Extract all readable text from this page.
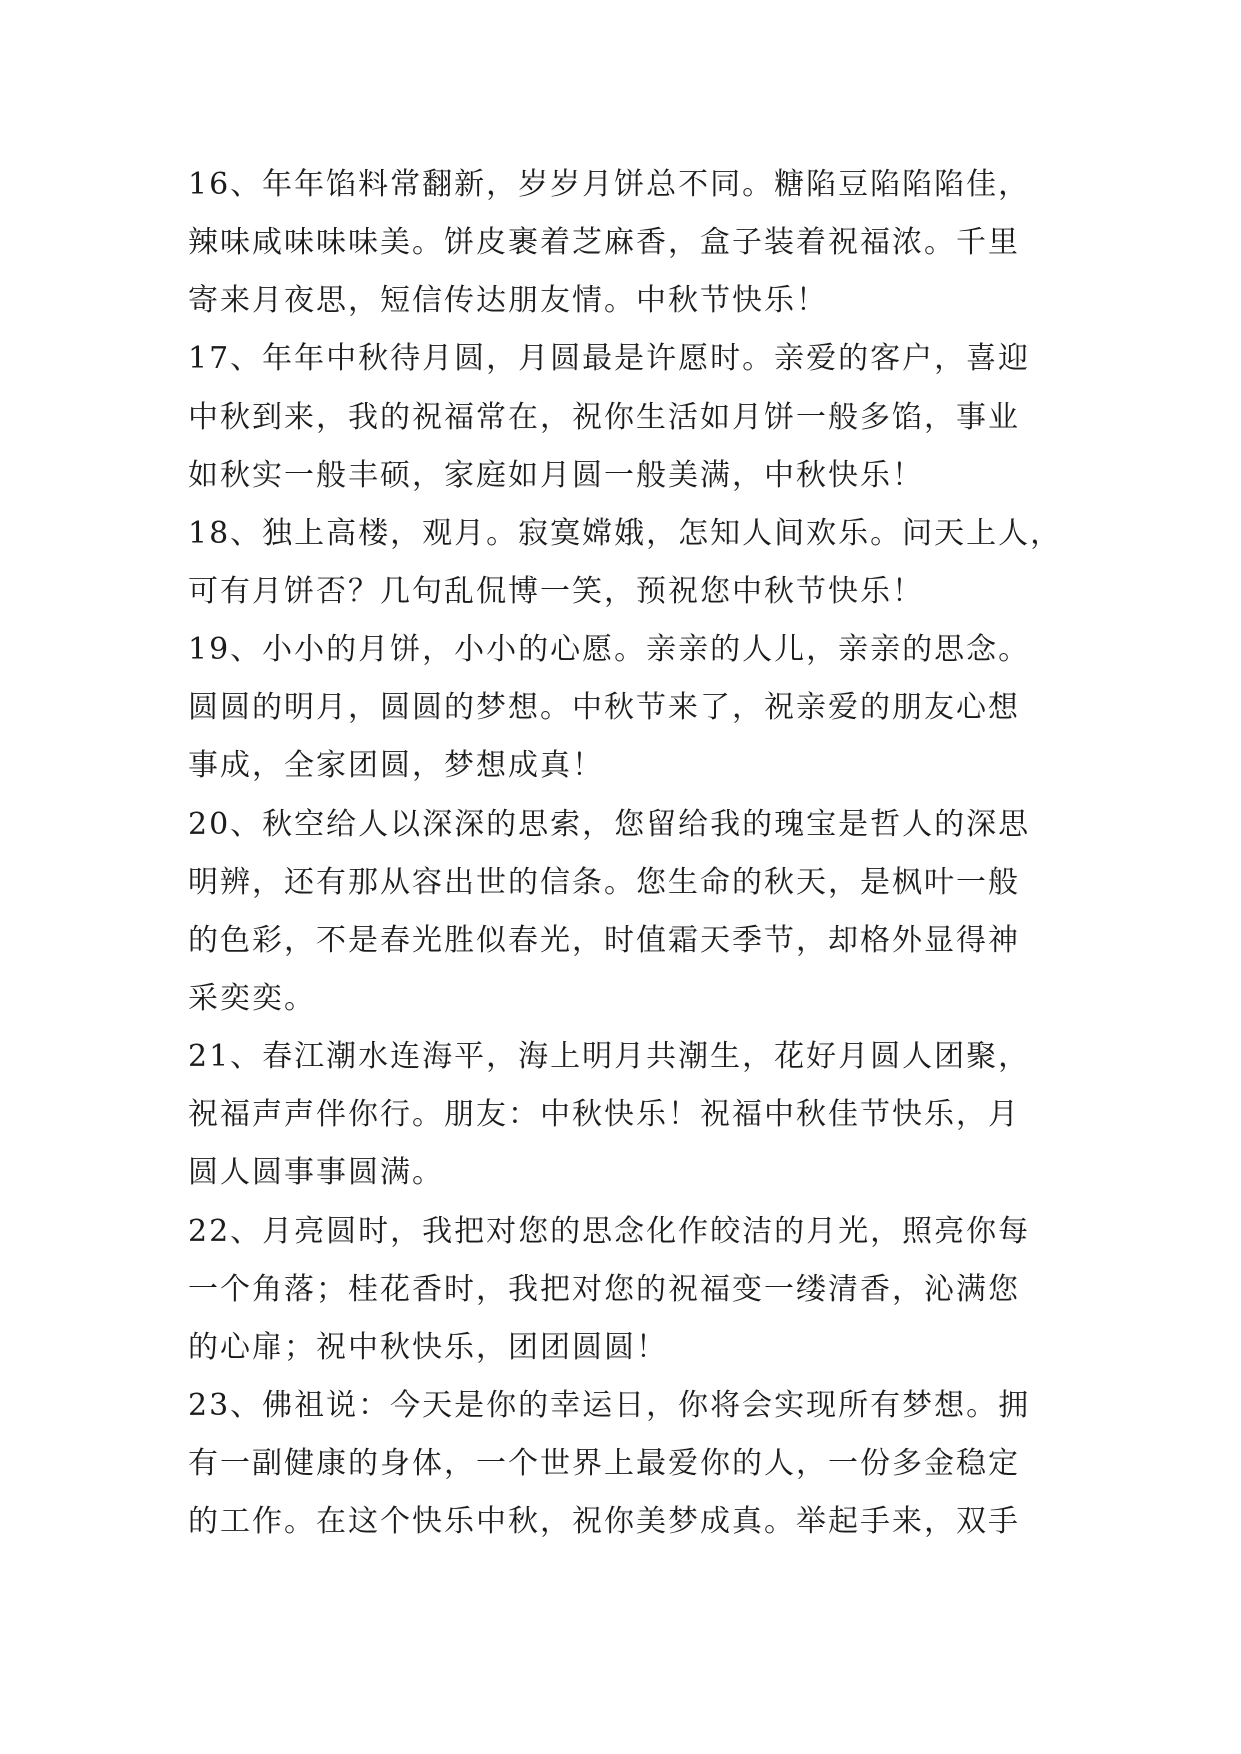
16、年年馅料常翻新，岁岁月饼总不同。糖陷豆陷陷陷佳，
辣味咸味味味美。饼皮裹着芝麻香，盒子装着祝福浓。千里
寄来月夜思，短信传达朋友情。中秋节快乐！
17、年年中秋待月圆，月圆最是许愿时。亲爱的客户，喜迎
中秋到来，我的祝福常在，祝你生活如月饼一般多馅，事业
如秋实一般丰硕，家庭如月圆一般美满，中秋快乐！
18、独上高楼，观月。寂寞嫦娥，怎知人间欢乐。问天上人，
可有月饼否？几句乱侃博一笑，预祝您中秋节快乐！
19、小小的月饼，小小的心愿。亲亲的人儿，亲亲的思念。
圆圆的明月，圆圆的梦想。中秋节来了，祝亲爱的朋友心想
事成，全家团圆，梦想成真！
20、秋空给人以深深的思索，您留给我的瑰宝是哲人的深思
明辨，还有那从容出世的信条。您生命的秋天，是枫叶一般
的色彩，不是春光胜似春光，时值霜天季节，却格外显得神
采奕奕。
21、春江潮水连海平，海上明月共潮生，花好月圆人团聚，
祝福声声伴你行。朋友：中秋快乐！祝福中秋佳节快乐，月
圆人圆事事圆满。
22、月亮圆时，我把对您的思念化作皎洁的月光，照亮你每
一个角落；桂花香时，我把对您的祝福变一缕清香，沁满您
的心扉；祝中秋快乐，团团圆圆！
23、佛祖说：今天是你的幸运日，你将会实现所有梦想。拥
有一副健康的身体，一个世界上最爱你的人，一份多金稳定
的工作。在这个快乐中秋，祝你美梦成真。举起手来，双手
